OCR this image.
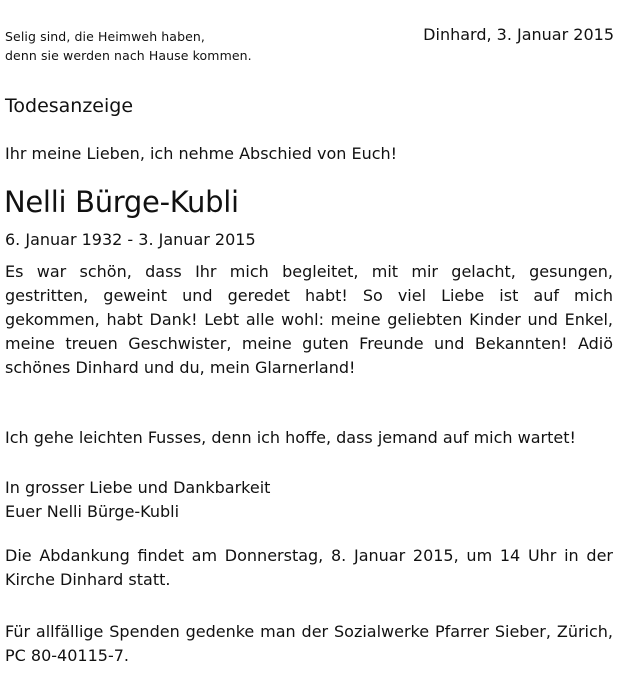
Selig sind, die Heimweh haben,
denn sie werden nach Hause kommen.
Dinhard, 3. Januar 2015
Todesanzeige
Ihr meine Lieben, ich nehme Abschied von Euch!
Nelli Bürge-Kubli
6. Januar 1932 - 3. Januar 2015
Es war schön, dass Ihr mich begleitet, mit mir gelacht, gesungen, gestritten, geweint und geredet habt! So viel Liebe ist auf mich gekommen, habt Dank! Lebt alle wohl: meine geliebten Kinder und Enkel, meine treuen Geschwister, meine guten Freunde und Bekannten! Adiö schönes Dinhard und du, mein Glarnerland!
Ich gehe leichten Fusses, denn ich hoffe, dass jemand auf mich wartet!
In grosser Liebe und Dankbarkeit
Euer Nelli Bürge-Kubli
Die Abdankung findet am Donnerstag, 8. Januar 2015, um 14 Uhr in der Kirche Dinhard statt.
Für allfällige Spenden gedenke man der Sozialwerke Pfarrer Sieber, Zürich, PC 80-40115-7.
